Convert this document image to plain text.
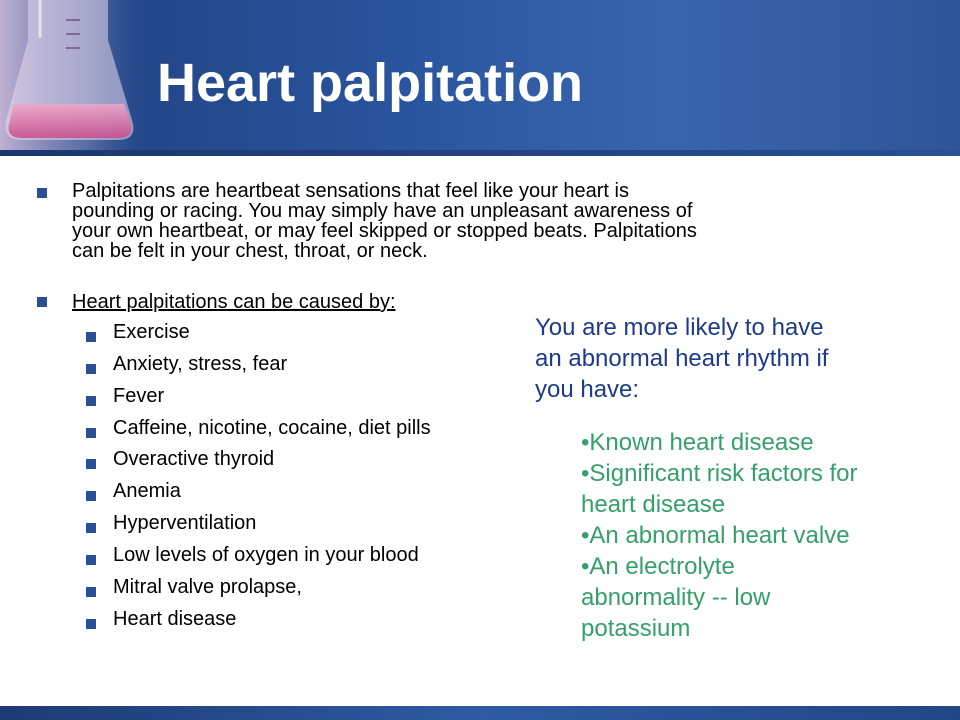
Heart palpitation
Palpitations are heartbeat sensations that feel like your heart is
pounding or racing. You may simply have an unpleasant awareness of
your own heartbeat, or may feel skipped or stopped beats. Palpitations
can be felt in your chest, throat, or neck.
Heart palpitations can be caused by:
Exercise
Anxiety, stress, fear
Fever
Caffeine, nicotine, cocaine, diet pills
Overactive thyroid
Anemia
Hyperventilation
Low levels of oxygen in your blood
Mitral valve prolapse,
Heart disease
You are more likely to have
an abnormal heart rhythm if
you have:
•Known heart disease
•Significant risk factors for
heart disease
•An abnormal heart valve
•An electrolyte
abnormality -- low
potassium
